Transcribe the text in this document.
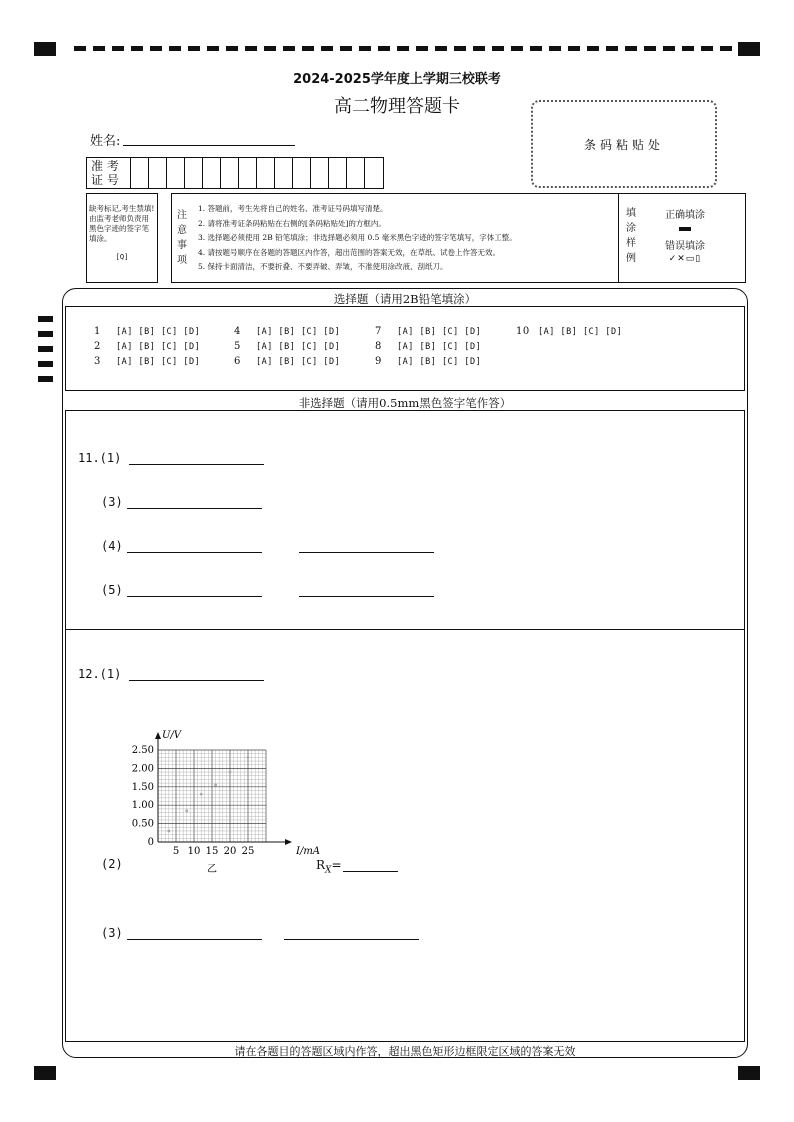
2024-2025学年度上学期三校联考
高二物理答题卡
条码粘贴处
姓名:
准 考
证 号
缺考标记,考生禁填!由监考老师负责用黑色字迹的签字笔填涂。
[Q]
注
意
事
项
1. 答题前，考生先将自己的姓名、准考证号码填写清楚。
2. 请将准考证条码粘贴在右侧的[条码粘贴处]的方框内。
3. 选择题必须使用 2B 铅笔填涂；非选择题必须用 0.5 毫米黑色字迹的签字笔填写，字体工整。
4. 请按题号顺序在各题的答题区内作答，超出范围的答案无效，在草纸、试卷上作答无效。
5. 保持卡面清洁，不要折叠、不要弄破、弄皱，不准使用涂改液、刮纸刀。
填
涂
样
例
正确填涂
错误填涂
✓✕▭▯
选择题（请用2B铅笔填涂）
1 [A] [B] [C] [D]
2 [A] [B] [C] [D]
3 [A] [B] [C] [D]
4 [A] [B] [C] [D]
5 [A] [B] [C] [D]
6 [A] [B] [C] [D]
7 [A] [B] [C] [D]
8 [A] [B] [C] [D]
9 [A] [B] [C] [D]
10 [A] [B] [C] [D]
非选择题（请用0.5mm黑色签字笔作答）
11.(1)
(3)
(4)
(5)
12.(1)
5 10 15 20 25
0
0.50
1.00
1.50
2.00
2.50
I/mA
U/V
乙
(2)	$R_X=$
(3)
请在各题目的答题区域内作答，超出黑色矩形边框限定区域的答案无效
